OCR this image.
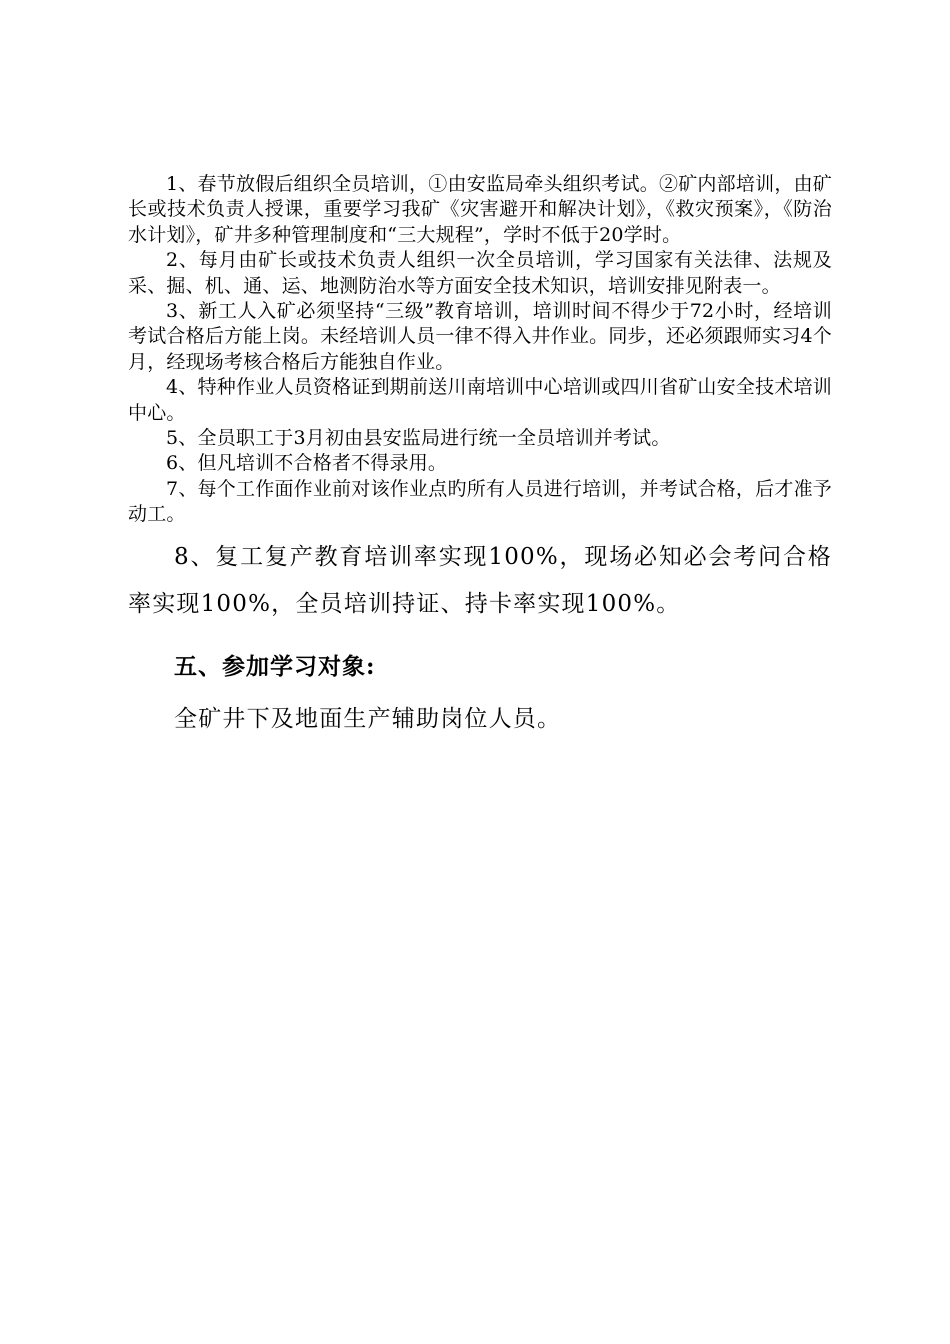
1、春节放假后组织全员培训，①由安监局牵头组织考试。②矿内部培训，由矿长或技术负责人授课，重要学习我矿《灾害避开和解决计划》，《救灾预案》，《防治水计划》，矿井多种管理制度和“三大规程”，学时不低于20学时。

2、每月由矿长或技术负责人组织一次全员培训，学习国家有关法律、法规及采、掘、机、通、运、地测防治水等方面安全技术知识，培训安排见附表一。

3、新工人入矿必须坚持“三级”教育培训，培训时间不得少于72小时，经培训考试合格后方能上岗。未经培训人员一律不得入井作业。同步，还必须跟师实习4个月，经现场考核合格后方能独自作业。

4、特种作业人员资格证到期前送川南培训中心培训或四川省矿山安全技术培训中心。

5、全员职工于3月初由县安监局进行统一全员培训并考试。

6、但凡培训不合格者不得录用。

7、每个工作面作业前对该作业点旳所有人员进行培训，并考试合格，后才准予动工。

8、复工复产教育培训率实现100%，现场必知必会考问合格率实现100%，全员培训持证、持卡率实现100%。

五、参加学习对象:

全矿井下及地面生产辅助岗位人员。
